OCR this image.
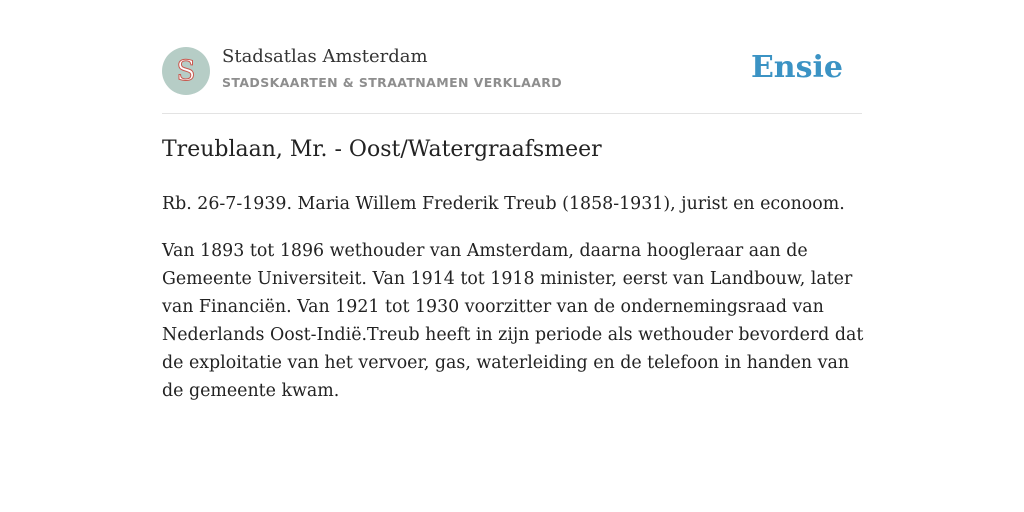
S	Stadsatlas Amsterdam
STADSKAARTEN & STRAATNAMEN VERKLAARD	Ensie
Treublaan, Mr. - Oost/Watergraafsmeer

Rb. 26-7-1939. Maria Willem Frederik Treub (1858-1931), jurist en econoom.

Van 1893 tot 1896 wethouder van Amsterdam, daarna hoogleraar aan de Gemeente Universiteit. Van 1914 tot 1918 minister, eerst van Landbouw, later van Financiën. Van 1921 tot 1930 voorzitter van de ondernemingsraad van Nederlands Oost-Indië.Treub heeft in zijn periode als wethouder bevorderd dat de exploitatie van het vervoer, gas, waterleiding en de telefoon in handen van de gemeente kwam.
